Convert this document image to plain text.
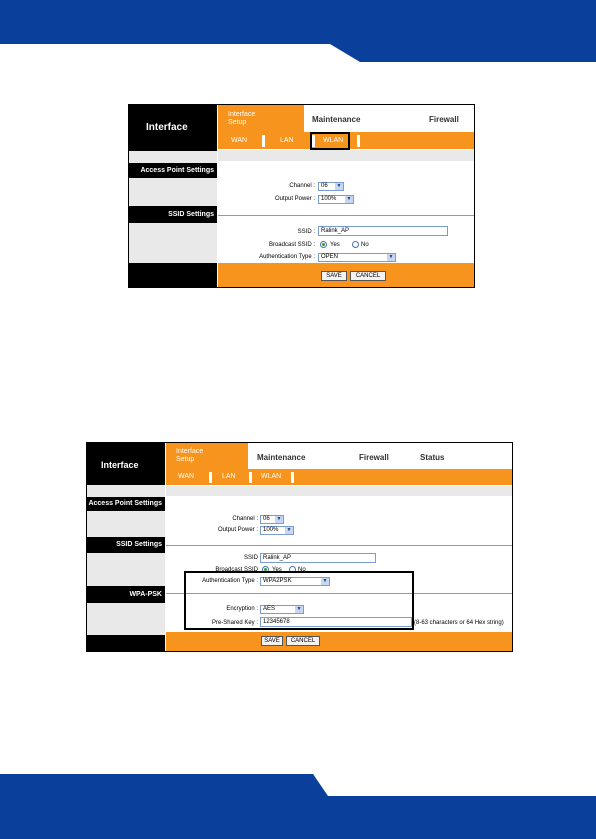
Interface
Access Point Settings
SSID Settings
Interface Setup	Maintenance	Firewall
WAN	LAN	WLAN
Channel :	06	▼
Output Power :	100%	▼
SSID :	Ralink_AP
Broadcast SSID :	Yes	No
Authentication Type :	OPEN	▼
SAVE	CANCEL
Interface
Access Point Settings
SSID Settings
WPA-PSK
Interface Setup	Maintenance	Firewall	Status
WAN	LAN	WLAN
Channel : 06	▼
Output Power : 100%	▼
SSID Ralink_AP
Broadcast SSID Yes	No
Authentication Type : WPA2PSK	▼
Encryption : AES	▼
Pre-Shared Key : 12345678	(8-63 characters or 64 Hex string)
SAVE	CANCEL
